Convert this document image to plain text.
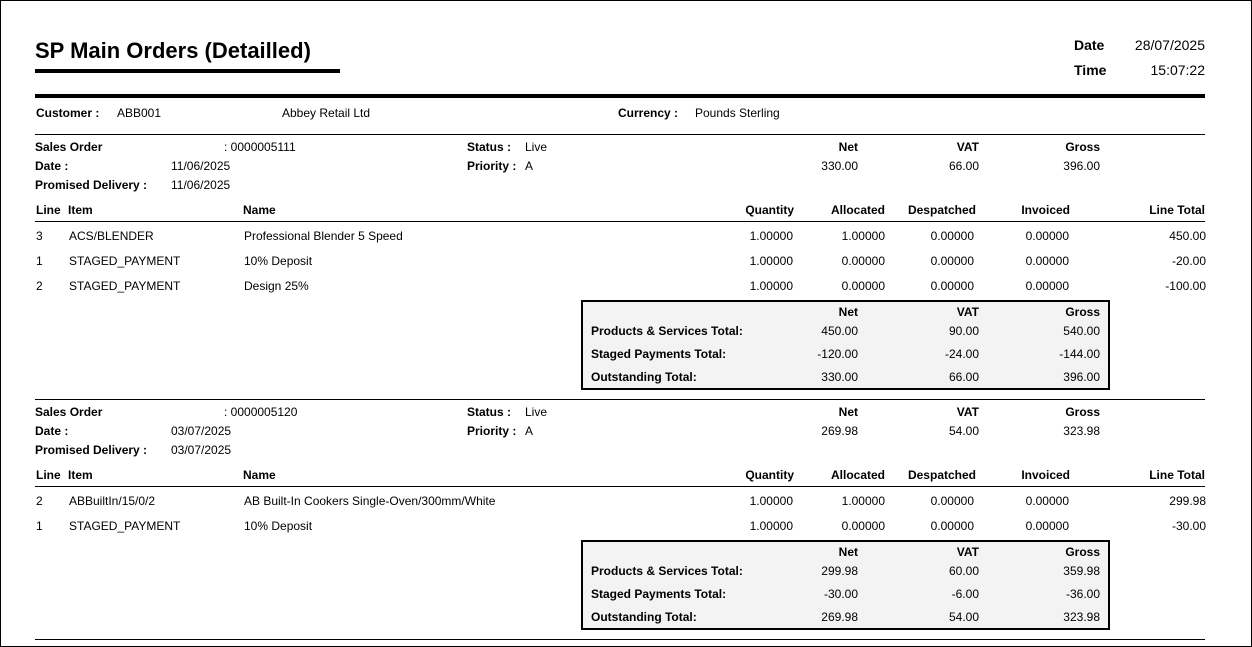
SP Main Orders (Detailled)	Date	28/07/2025
Time	15:07:22
Customer : ABB001	Abbey Retail Ltd	Currency : Pounds Sterling
Sales Order	: 0000005111
Date :	11/06/2025
Promised Delivery : 11/06/2025
Status : Live
Priority : A
Net
330.00
VAT
66.00
Gross
396.00
Line Item	Name	Quantity	Allocated	Despatched	Invoiced	Line Total
3 ACS/BLENDER	Professional Blender 5 Speed	1.00000	1.00000	0.00000	0.00000	450.00
1 STAGED_PAYMENT	10% Deposit	1.00000	0.00000	0.00000	0.00000	-20.00
2 STAGED_PAYMENT	Design 25%	1.00000	0.00000	0.00000	0.00000	-100.00
Net	VAT	Gross
Products & Services Total:	450.00	90.00	540.00
Staged Payments Total:	-120.00	-24.00	-144.00
Outstanding Total:	330.00	66.00	396.00
Sales Order	: 0000005120
Date :	03/07/2025
Promised Delivery : 03/07/2025
Status : Live
Priority : A
Net
269.98
VAT
54.00
Gross
323.98
Line Item	Name	Quantity	Allocated	Despatched	Invoiced	Line Total
2 ABBuiltIn/15/0/2	AB Built-In Cookers Single-Oven/300mm/White	1.00000	1.00000	0.00000	0.00000	299.98
1 STAGED_PAYMENT	10% Deposit	1.00000	0.00000	0.00000	0.00000	-30.00
Net	VAT	Gross
Products & Services Total:	299.98	60.00	359.98
Staged Payments Total:	-30.00	-6.00	-36.00
Outstanding Total:	269.98	54.00	323.98
